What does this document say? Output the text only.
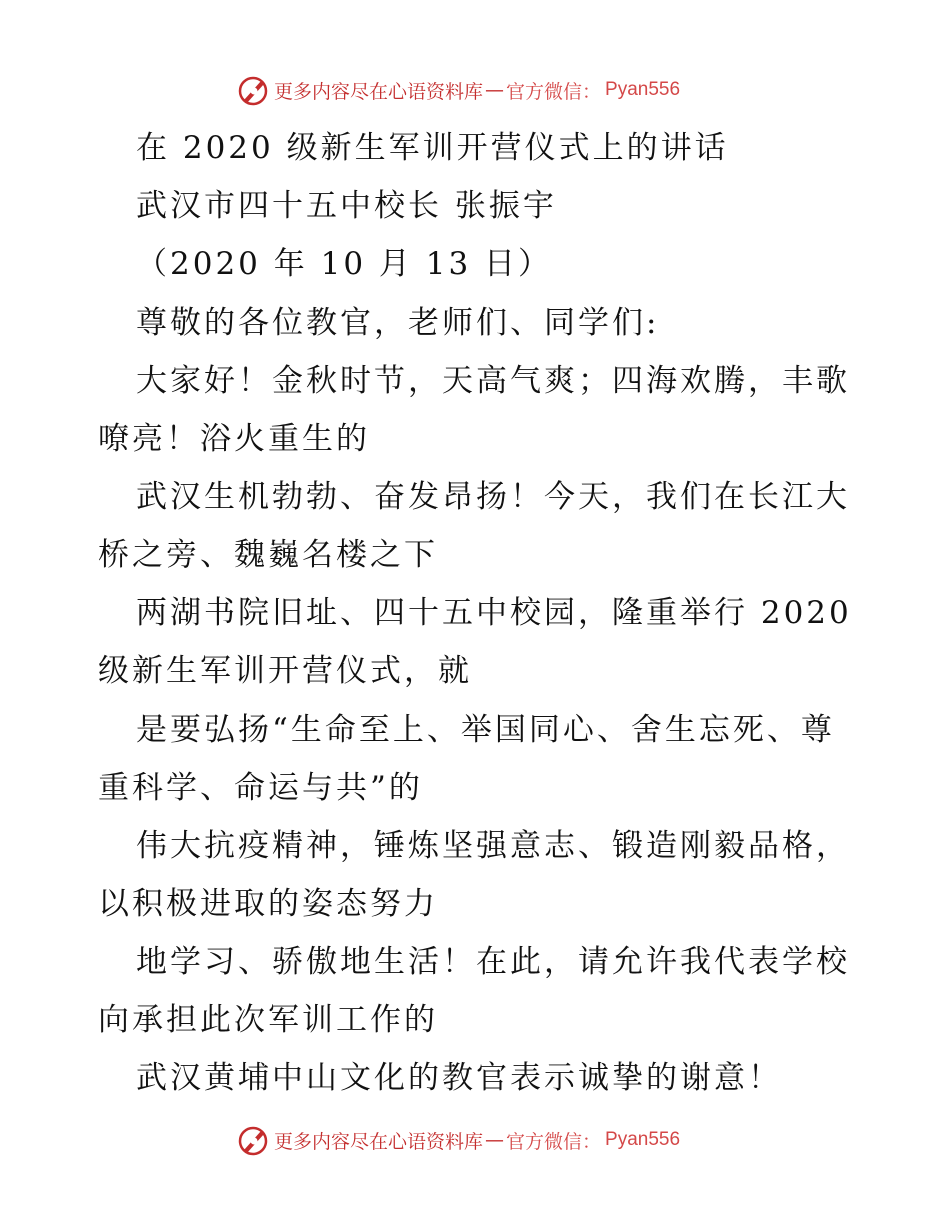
更多内容尽在心语资料库 — 官方微信： Pyan556
在 2020 级新生军训开营仪式上的讲话
武汉市四十五中校长 张振宇
（2020 年 10 月 13 日）
尊敬的各位教官，老师们、同学们:
大家好！金秋时节，天高气爽；四海欢腾，丰歌
嘹亮！浴火重生的
武汉生机勃勃、奋发昂扬！今天，我们在长江大
桥之旁、魏巍名楼之下
两湖书院旧址、四十五中校园，隆重举行 2020
级新生军训开营仪式，就
是要弘扬“生命至上、举国同心、舍生忘死、尊
重科学、命运与共”的
伟大抗疫精神，锤炼坚强意志、锻造刚毅品格，
以积极进取的姿态努力
地学习、骄傲地生活！在此，请允许我代表学校
向承担此次军训工作的
武汉黄埔中山文化的教官表示诚挚的谢意！
更多内容尽在心语资料库 — 官方微信： Pyan556
